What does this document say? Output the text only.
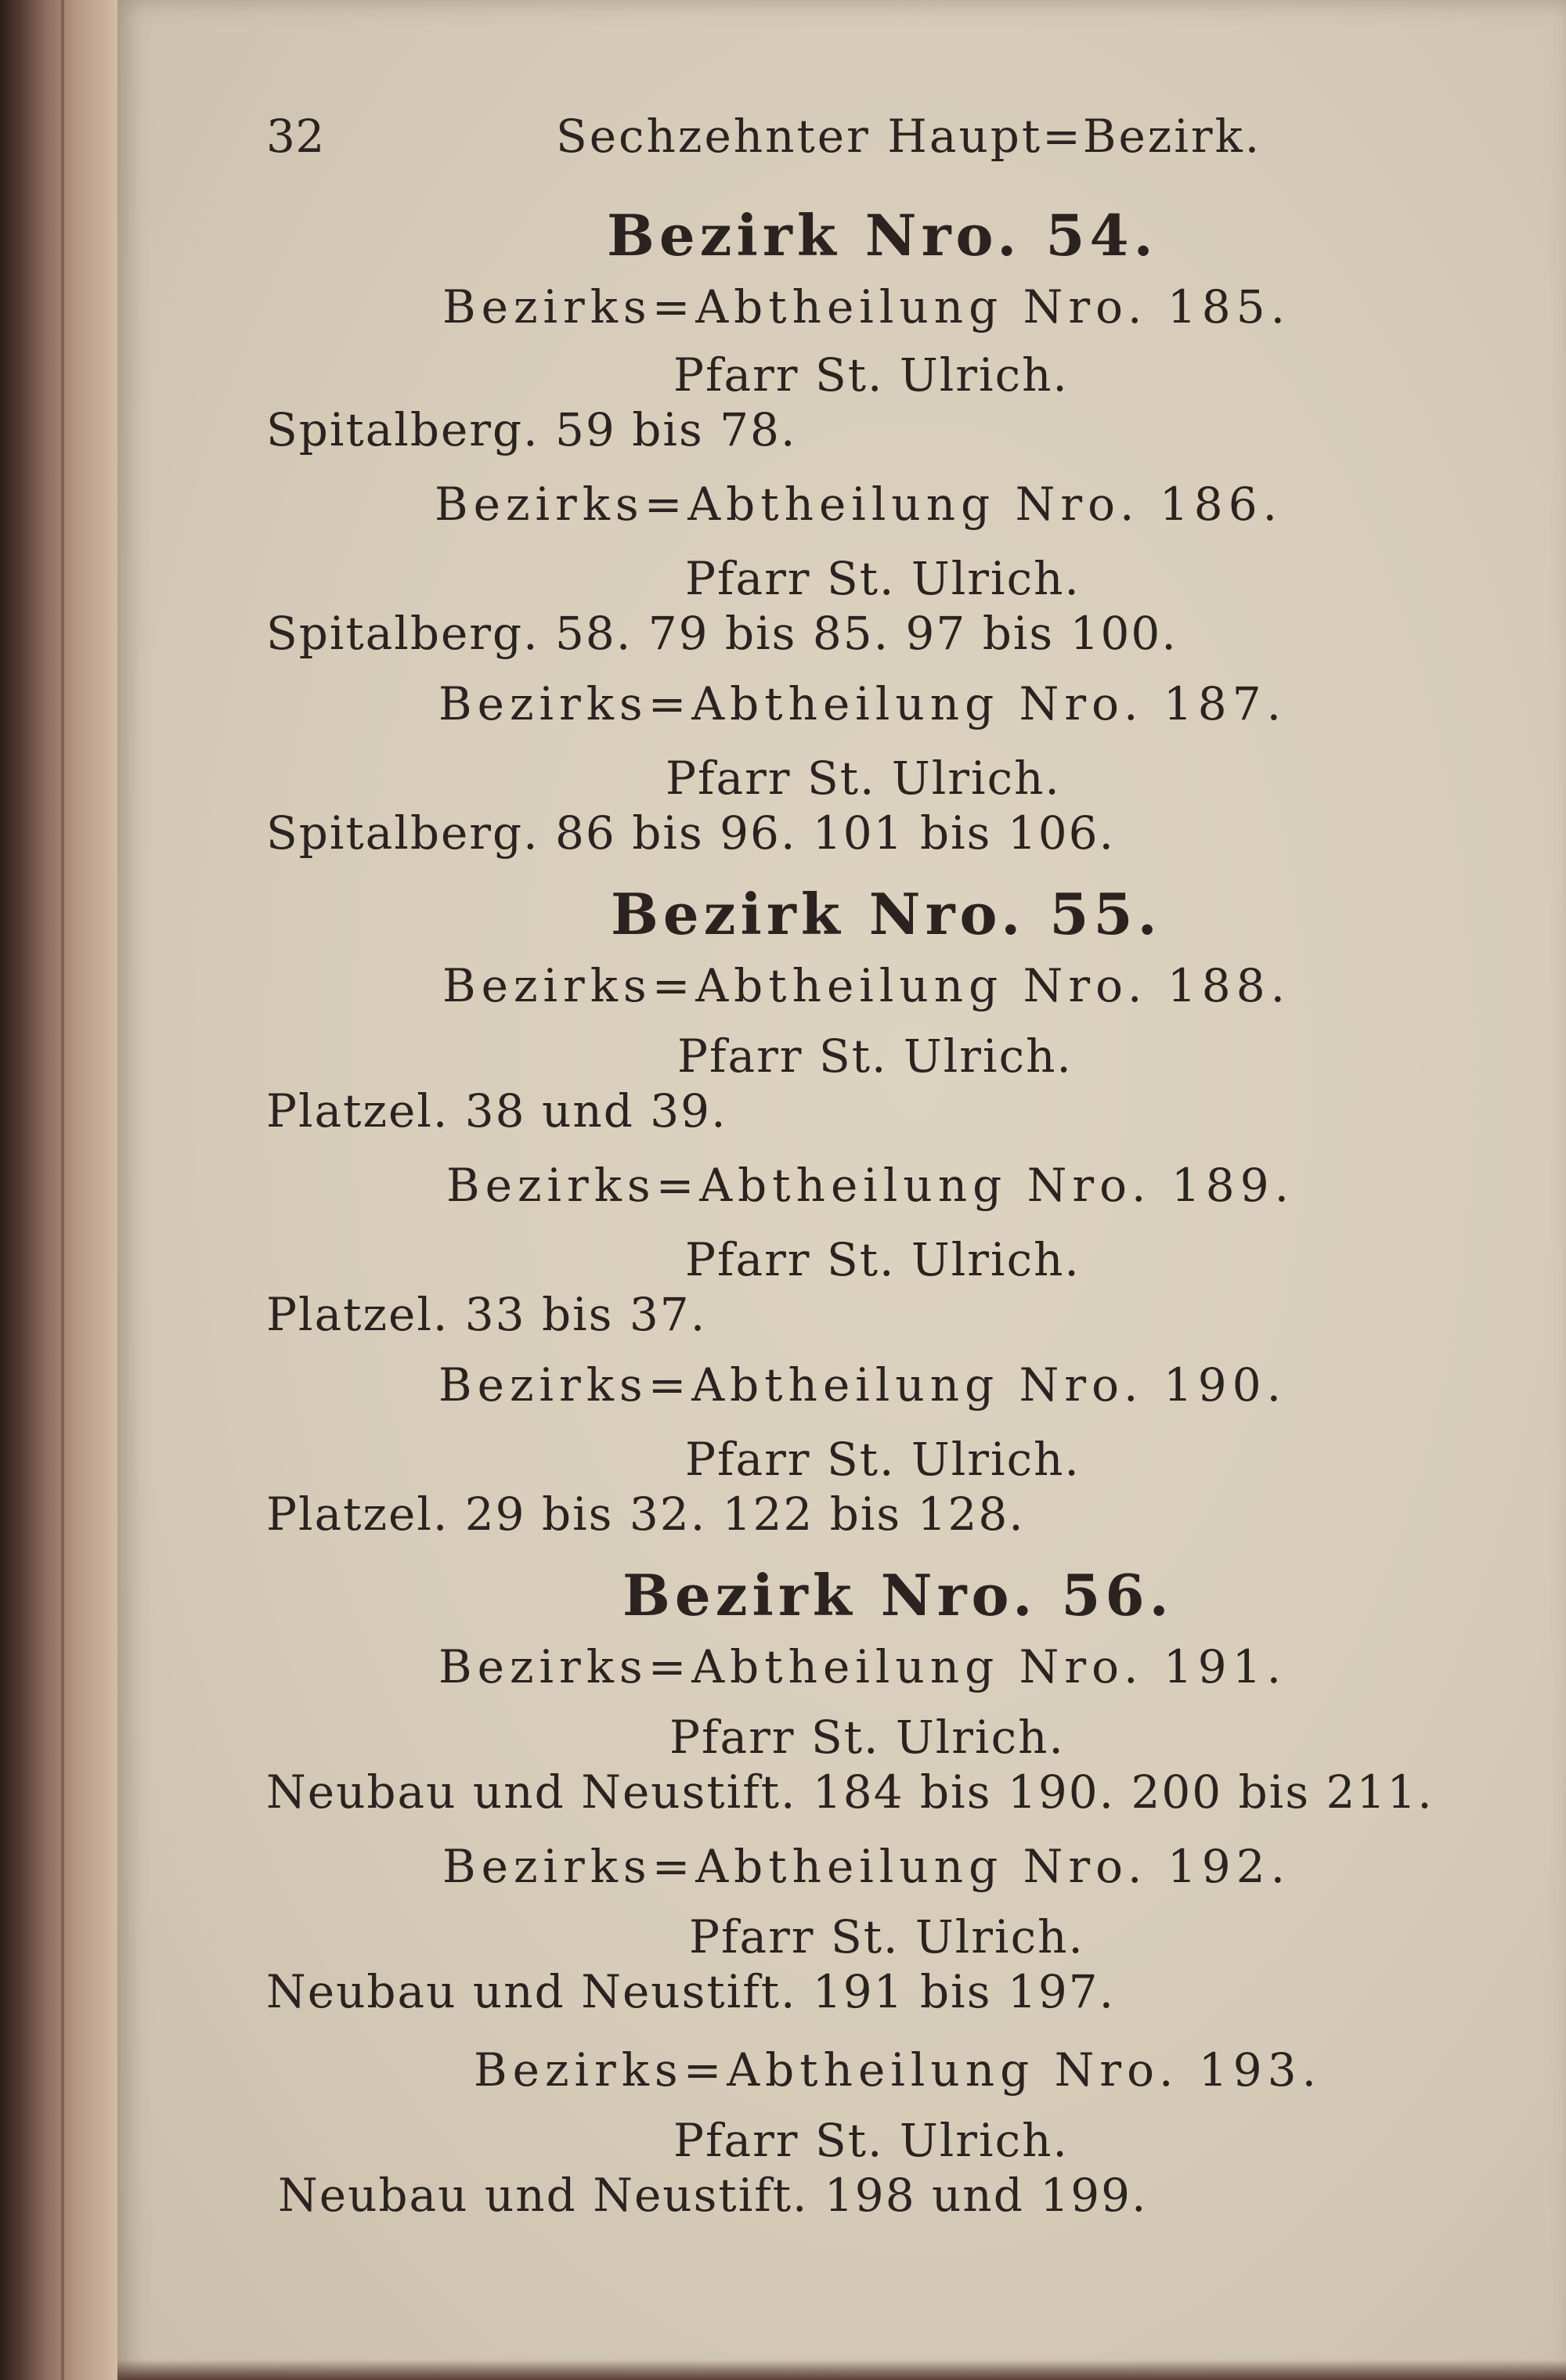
32	Sechzehnter Haupt=Bezirk.
Bezirk Nro. 54.
Bezirks=Abtheilung Nro. 185.
Pfarr St. Ulrich.
Spitalberg. 59 bis 78.
Bezirks=Abtheilung Nro. 186.
Pfarr St. Ulrich.
Spitalberg. 58. 79 bis 85. 97 bis 100.
Bezirks=Abtheilung Nro. 187.
Pfarr St. Ulrich.
Spitalberg. 86 bis 96. 101 bis 106.
Bezirk Nro. 55.
Bezirks=Abtheilung Nro. 188.
Pfarr St. Ulrich.
Platzel. 38 und 39.
Bezirks=Abtheilung Nro. 189.
Pfarr St. Ulrich.
Platzel. 33 bis 37.
Bezirks=Abtheilung Nro. 190.
Pfarr St. Ulrich.
Platzel. 29 bis 32. 122 bis 128.
Bezirk Nro. 56.
Bezirks=Abtheilung Nro. 191.
Pfarr St. Ulrich.
Neubau und Neustift. 184 bis 190. 200 bis 211.
Bezirks=Abtheilung Nro. 192.
Pfarr St. Ulrich.
Neubau und Neustift. 191 bis 197.
Bezirks=Abtheilung Nro. 193.
Pfarr St. Ulrich.
Neubau und Neustift. 198 und 199.
